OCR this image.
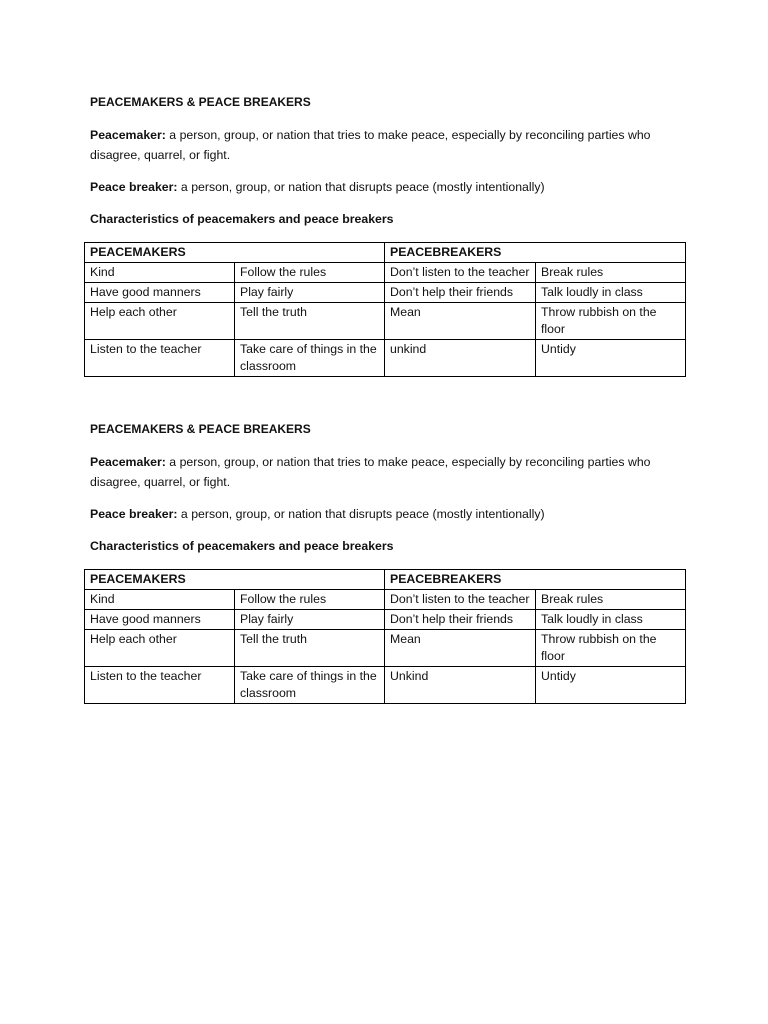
PEACEMAKERS & PEACE BREAKERS

Peacemaker: a person, group, or nation that tries to make peace, especially by reconciling parties who disagree, quarrel, or fight.

Peace breaker: a person, group, or nation that disrupts peace (mostly intentionally)

Characteristics of peacemakers and peace breakers

PEACEMAKERS		PEACEBREAKERS	
Kind	Follow the rules	Don’t listen to the teacher	Break rules
Have good manners	Play fairly	Don’t help their friends	Talk loudly in class
Help each other	Tell the truth	Mean	Throw rubbish on the floor
Listen to the teacher	Take care of things in the classroom	unkind	Untidy

PEACEMAKERS & PEACE BREAKERS

Peacemaker: a person, group, or nation that tries to make peace, especially by reconciling parties who disagree, quarrel, or fight.

Peace breaker: a person, group, or nation that disrupts peace (mostly intentionally)

Characteristics of peacemakers and peace breakers

PEACEMAKERS		PEACEBREAKERS	
Kind	Follow the rules	Don’t listen to the teacher	Break rules
Have good manners	Play fairly	Don’t help their friends	Talk loudly in class
Help each other	Tell the truth	Mean	Throw rubbish on the floor
Listen to the teacher	Take care of things in the classroom	Unkind	Untidy
